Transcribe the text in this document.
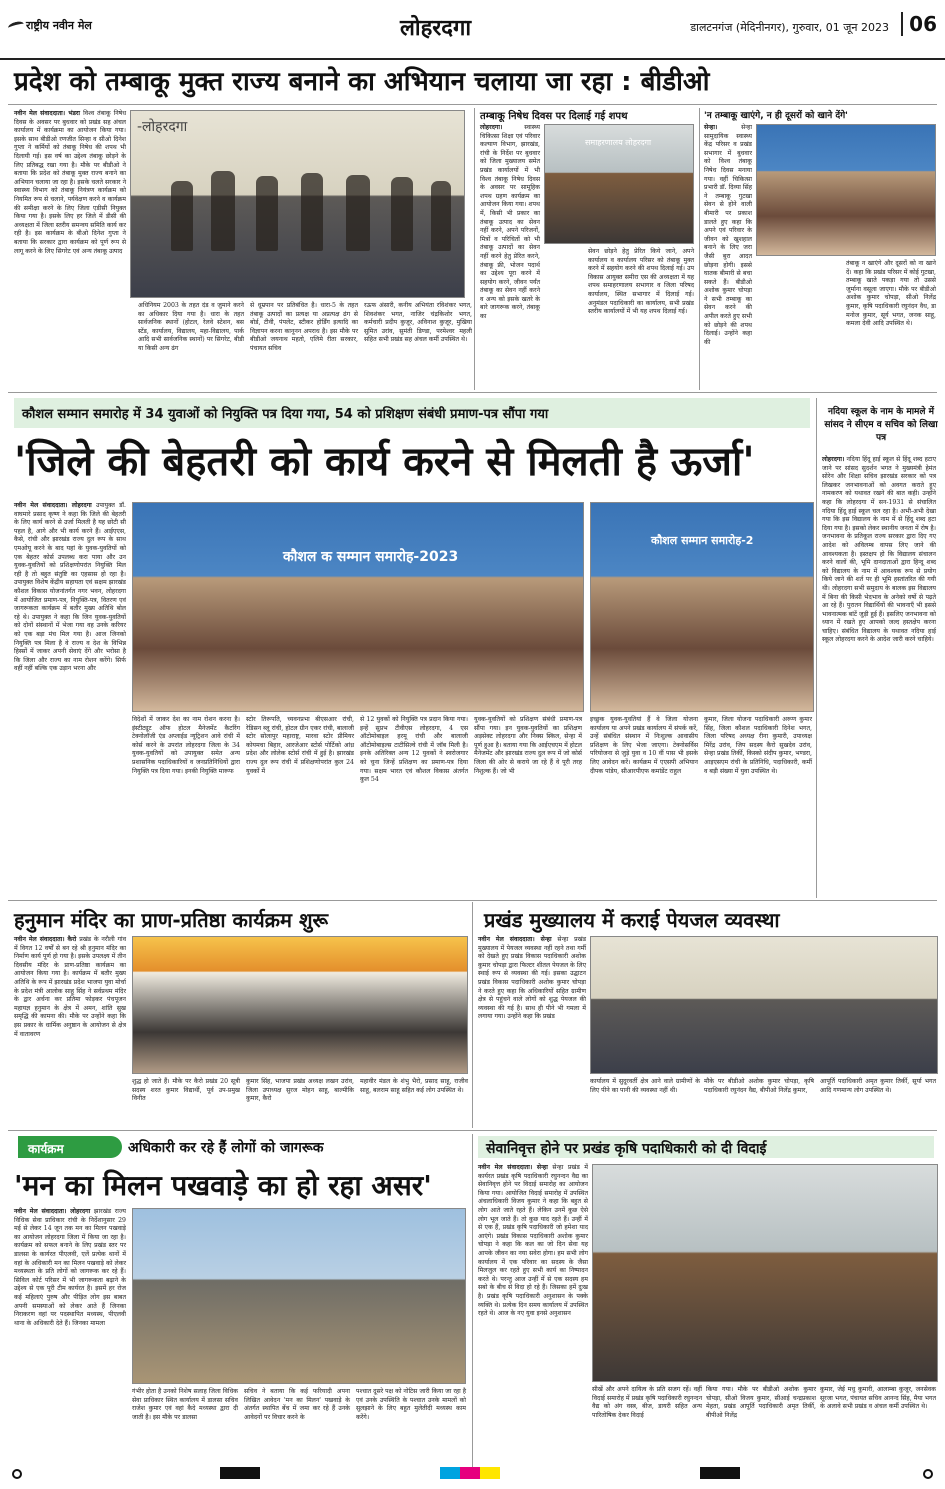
राष्ट्रीय नवीन मेल	लोहरदगा	डालटनगंज (मेदिनीनगर), गुरुवार, 01 जून 2023	06
प्रदेश को तम्बाकू मुक्त राज्य बनाने का अभियान चलाया जा रहा : बीडीओ
नवीन मेल संवाददाता। भंडरा विश्व तंबाकू निषेध दिवस के अवसर पर बुधवार को प्रखंड सह अंचल कार्यालय में कार्यक्रमा का आयोजन किया गया। इसके साथ बीडीओ रणजीत सिन्हा व सीओ दिनेश गुप्ता ने कर्मियों को तंबाकू निषेध की शपथ भी दिलायी गई। इस वर्ष का उद्देश्य तंबाकू छोड़ने के लिए प्रतिबद्ध रखा गया है। मौके पर बीडीओ ने बताया कि प्रदेश को तंबाकू मुक्त राज्य बनाने का अभियान चलाया जा रहा है। इसके चलते सरकार ने स्वास्थ्य विभाग को तंबाकू नियंत्रण कार्यक्रम को नियमित रूप से चलाने, पर्यवेक्षण करने व कार्यक्रम की समीक्षा करने के लिए जिला एडीसी नियुक्त किया गया है। इसके लिए हर जिले में डीसी की अध्यक्षता में जिला स्तरीय समन्वय समिति कार्य कर रही है। इस कार्यक्रम के बीओ दिनेश गुप्ता ने बताया कि सरकार द्वारा कार्यक्रम को पूर्ण रूप से लागू करने के लिए सिगरेट एवं अन्य तंबाकू उत्पाद
-लोहरदगा
अधिनियम 2003 के तहत दंड व जुमाने करने का अधिकार दिया गया है। धारा के तहत सार्वजनिक स्थानों (होटल, रेलवे स्टेशन, बस स्टेंड, कार्यालय, विद्यालय, महा-विद्यालय, पार्क आदि सभी सार्वजनिक स्थानों) पर सिगरेट, बीडी या किसी अन्य ढंग
से धूम्रपान पर प्रतिबंधित है। धारा-5 के तहत तंबाकू उत्पादों का प्रत्यक्ष या अप्रत्यक्ष ढंग से बोर्ड, टीवी, पंपलेट, स्टीकर होर्डिंग इत्यादि का विज्ञापन करना कानूनन अपराध है। इस मौके पर बीडीओ जयनाथ महतो, एलिमे रीता सरकार, पंचायत सचिव
रऊफ अंसारी, कनीय अभियंता रविशंकर भगत, शिवशंकर भगत, नाजिर चंद्रकिशोर भगत, कर्मचारी प्रदीप कुजूर, अविनाश कुजूर, मुखिया सुमित उरांव, सुमंती डिण्डा, परमेश्वर महली सहित सभी प्रखंड सह अंचल कर्मी उपस्थित थे।
तम्बाकू निषेध दिवस पर दिलाई गई शपथ
लोहरदगा।	स्वास्थ्य चिकित्सा शिक्षा एवं परिवार कल्याण विभाग, झारखंड, रांची के निर्देश पर बुधवार को जिला मुख्यालय समेत प्रखंड कार्यालयों में भी विश्व तंबाकू निषेध दिवस के अवसर पर सामूहिक शपथ ग्रहण कार्यक्रम का आयोजन किया गया। शपथ में, किसी भी प्रकार का तंबाकू उत्पाद का सेवन नहीं करने, अपने परिजनों, मित्रों व परिचितों को भी तंबाकू उत्पादों का सेवन नहीं करने हेतु प्रेरित करने, तंबाकू फ्री, भोजन पदार्थ का उद्देश्य पूरा करने में सहयोग करने, जीवन पर्यंत तंबाकू का सेवन नहीं करने व अन्य को इसके खतरे के बारे जागरूक करने, तंबाकू का
समाहरणालय लोहरदगा
सेवन छोड़ने हेतु प्रेरित किये जाने, अपने कार्यालय व कार्यालय परिसर को तंबाकू मुक्त करने में सहयोग करने की शपथ दिलाई गई। उप विकास आयुक्त समीरा एस की अध्यक्षता में यह शपथ समाहरणालय सभागार व जिला परिषद कार्यालय, स्थित सभागार में दिलाई गई। अनुमंडल पदाधिकारी का कार्यालय, सभी प्रखंड स्तरीय कार्यालयों में भी यह शपथ दिलाई गई।
'न तम्बाकू खाएंगे, न ही दूसरों को खाने देंगे'
सेन्हा।	सेन्हा सामुदायिक स्वास्थ्य केंद्र परिसर व प्रखंड सभागार में बुधवार को विश्व तंबाकू निषेध दिवस मनाया गया। वहीं चिकित्सा प्रभारी डॉ. दिव्या सिंह ने तम्बाकू गुटखा सेवन से होने वाली बीमारी पर प्रकाश डालते हुए कहा कि अपने एवं परिवार के जीवन को खुशहाल बनाने के लिए जरा जैसी बुरा आदत छोड़ना होगी। इससे घातक बीमारी से बचा सकते हैं। बीडीओ अशोक कुमार चोपड़ा ने सभी तम्बाकू का सेवन करने की अपील करते हुए सभी को छोड़ने की शपथ दिलाई। उन्होंने कहा की
तंबाकू न खाएंगे और दूसरों को ना खाने दें। कहा कि प्रखंड परिसर में कोई गुटखा, तम्बाकू खाते पकड़ा गया तो उससे जुर्माना वसूला जाएगा। मौके पर बीडीओ अशोक कुमार चोपड़ा, सीओ निलेंद्र कुमार, कृषि पदाधिकारी रघुनंदन वैध, डा मनोज कुमार, सूर्य भगत, जनक साहू, कमला देवी आदि उपस्थित थे।
कौशल सम्मान समारोह में 34 युवाओं को नियुक्ति पत्र दिया गया, 54 को प्रशिक्षण संबंधी प्रमाण-पत्र सौंपा गया
'जिले की बेहतरी को कार्य करने से मिलती है ऊर्जा'
नवीन मेल संवाददाता। लोहरदगा उपायुक्त डॉ. वाघमारे प्रसाद कृष्ण ने कहा कि जिले की बेहतरी के लिए कार्य करने से उर्जा मिलती है यह छोटी सी पहल है, आगे और भी कार्य करने हैं। आईएएस, कैसे, रांची और झारखंड राज्य दुल रूप के साथ एमओयू करने के बाद यहां के युवक-युवतियों को एक बेहतर कोर्स उपलब्ध करा पाया और उन युवक-युवतियों को प्रशिक्षणोपरांत नियुक्ति मिल रही है तो बहुत संतुष्टि का एहसास हो रहा है। उपायुक्त विशेष केंद्रीय सहायता एवं सक्षम झारखंड कौशल विकास योजनांतर्गत नगर भवन, लोहरदगा में आयोजित प्रमाण-पत्र, नियुक्ति-पत्र, वितरण एवं जागरूकता कार्यक्रम में बतौर मुख्य अतिथि बोल रहे थे। उपायुक्त ने कहा कि जिन युवक-युवतियों को दोनों संस्थानों में भेजा गया वह उनके करियर को एक बड़ा मंच मिल गया है। आज जिनको नियुक्ति पत्र मिला है वे राज्य व देश के विभिन्न हिस्सों में जाकर अपनी सेवाएं देंगे और भरोसा है कि जिला और राज्य का नाम रोशन करेंगे। सिर्फ वहीं नहीं बल्कि एक उड़ान भरना और
कौशल क सम्मान समारोह-2023
कौशल सम्मान समारोह-2
विदेशों में जाकर देश का नाम रोशन करना है। इंस्टीट्यूट ऑफ होटल मैनेजमेंट कैटरिंग टेक्नोलॉजी एंड अप्लाईड न्यूट्रिशन आवे रांची में कोर्स करने के उपरांत लोहरदगा जिला के 34 युवक-युवतियों को उपायुक्त समेत अन्य प्रशासनिक पदाधिकारियों व जनप्रतिनिधियों द्वारा नियुक्ति पत्र दिया गया। इनकी नियुक्ति मारूफ
स्टोर तिरूपति, च्यवनप्रभा बीएसआर रांची, रेडिसन ब्लू रांची, होटल ग्रीन एकर रांची, बालाजी स्टोर सोलापुर महाराष्ट्र, मारवा स्टोर प्रीमियर कोयमचा बिहार, आरजेआर स्टोर्स पोर्टिको आंध्र प्रदेश और लोलेक स्टोर्स रांची में हुई है। झारखंड राज्य दुल रूप रांची में प्रशिक्षणोपरांत कुल 24 युवकों में
से 12 युवकों को नियुक्ति पत्र प्रदान किया गया। इन्हें सुप्रभ टीवीएस लोहरदगा, 4 एस ऑटोमोबाइल हरमू रांची और बालाजी ऑटोमोबाइल्स टाटीसिल्वे रांची में जॉब मिली है। इनके अतिरिक्त अन्य 12 युवकों ने स्वरोजगार को चुना जिन्हें प्रशिक्षण का प्रमाण-पत्र दिया गया। सक्षम भारत एवं कौशल विकास अंतर्गत कुल 54
युवक-युवतियों को प्रशिक्षण संबंधी प्रमाण-पत्र सौंपा गया। इन युवक-युवतियों का प्रशिक्षण अड़सेक्ट लोहरदगा और निक्स स्किल, सेन्हा में पूर्ण हुआ है। बताया गया कि आईएचएम में होटल मैनेजमेंट और झारखंड राज्य दुल रूप में जो कोर्स जिला की ओर से कराये जा रहे हैं वे पूरी तरह निशुल्क हैं। जो भी
इच्छुक युवक-युवतियां हैं वे जिला योजना कार्यालय या अपने प्रखंड कार्यालय में संपर्क करें, उन्हें संबंधित संस्थान में निःशुल्क आवासीय प्रशिक्षण के लिए भेजा जाएगा। टेक्नोसर्विस परियोजना से जुड़े युवा व 10 वीं पास भी इसके लिए आवेदन करें। कार्यक्रम में एएसपी अभियान दीपक पांडेय, सीआरपीएफ कमांडेंट राहुल
कुमार, जिला योजना पदाधिकारी अरूण कुमार सिंह, जिला कौशल पदाधिकारी दिनेश भगत, जिला परिषद अध्यक्ष रीना कुमारी, उपाध्यक्ष मिरेंद्र उरांव, जिप सदस्य कैरो सुखदेव उरांव, सेन्हा प्रखंड तिर्की, किस्को संदीप कुमार, भण्डरा, आइएसएम रांची के प्रतिनिधि, पदाधिकारी, कर्मी व बड़ी संख्या में युवा उपस्थित थे।
नदिया स्कूल के नाम के मामले में सांसद ने सीएम व सचिव को लिखा पत्र
लोहरदगा। नदिया हिंदू हाई स्कूल से हिंदू शब्द हटाए जाने पर सांसद सुदर्शन भगत ने मुख्यमंत्री हेमंत सोरेन और शिक्षा सचिव झारखंड सरकार को पत्र लिखकर जनभावनाओं को अवगत कराते हुए नामकरण को यथावत रखने की बात कही। उन्होंने कहा कि लोहरदगा में सन-1931 से संचालित नदिया हिंदू हाई स्कूल चल रहा है। अभी-अभी देखा गया कि इस विद्यालय के नाम में से हिंदू शब्द हटा दिया गया है। इसको लेकर स्थानीय जनता में रोष है। जनभावना के प्रतिकूल राज्य सरकार द्वारा दिए गए आदेश को अविलम्ब वापस लिए जाने की आवश्यकता है। इस्तक्षप हो कि विद्यालय संचालन करने वालों की, भूमि दानदाताओं द्वारा हिन्दू शब्द को विद्यालय के नाम में आवश्यक रूप से प्रयोग किये जाने की शर्त पर ही भूमि हस्तांतरित की गयी थी। लोहरदगा सभी समुदाय के बालक इस विद्यालय में बिना की किसी भेदभाव के अनेको वर्षो से पढ़ते आ रहे हैं। पुरातन विद्यार्थियों की भावनाएँ भी इससे भावनात्मक बांटें जुड़ी हुई हैं। इसलिए जनभावना को ध्यान में रखते हुए आपको जल्द हस्तक्षेप करना चाहिए। संबंधित विद्यालय के यथावत नदिया हाई स्कूल लोहरदगा करने के आदेश जारी करने चाहिये।
हनुमान मंदिर का प्राण-प्रतिष्ठा कार्यक्रम शुरू
नवीन मेल संवाददाता। कैरो प्रखंड के नरौली गांव में विगत 12 वर्षों से बन रहे श्री हनुमान मंदिर का निर्माण कार्य पूर्ण हो गया है। इसके उपलक्ष्य में तीन दिवसीय मंदिर के प्राण-प्रतिष्ठा कार्यक्रम का आयोजन किया गया है। कार्यक्रम में बतौर मुख्य अतिथि के रूप में झारखंड प्रदेश भाजपा युवा मोर्चा के प्रदेश मंत्री आलोक साहू सिंह ने सर्वप्रथम मंदिर के द्वार अर्चना कर प्रतिमा फोड़कर पंचपूजन महायज्ञ हनुमान के क्षेत्र में अमन, शांति सुख समृद्धि की कामना की। मौके पर उन्होंने कहा कि इस प्रकार के धार्मिक अनुष्ठान के आयोजन से क्षेत्र में वातावरण
शुद्ध हो जाते हैं। मौके पर कैरो प्रखंड 20 सूत्री सदस्य शरत कुमार विद्यार्थी, पूर्व उप-प्रमुख विनीत
कुमार सिंह, भाजपा प्रखंड अध्यक्ष लखन उरांव, जिला उपाध्यक्ष सुरज मोहन साहू, बाल्मीकि कुमार, कैरो
महावीर मंडल के शंभु भैरो, प्रसाद साहू, राजीव साहू, बलराम साहू सहित कई लोग उपस्थित थे।
प्रखंड मुख्यालय में कराई पेयजल व्यवस्था
नवीन मेल संवाददाता। सेन्हा सेन्हा प्रखंड मुख्यालय में पेयजल व्यवस्था नहीं रहने तथा गर्मी को देखते हुए प्रखंड विकास पदाधिकारी अशोक कुमार चोपड़ा द्वारा फिल्टर शीतल पेयजल के लिए स्थाई रूप से व्यवस्था की गई। इसका उद्घाटन प्रखंड विकास पदाधिकारी अशोक कुमार चोपड़ा ने करते हुए कहा कि अधिकारियों सहित ग्रामीण क्षेत्र से पहुंचने वाले लोगों को शुद्ध पेयजल की व्यवस्था की गई है। साथ ही पीने भी गमला में लगाया गया। उन्होंने कहा कि प्रखंड
कार्यालय में सुदूरवर्ती क्षेत्र आने वाले ग्रामीणों के लिए पीने का पानी की व्यवस्था नहीं थी।
मौके पर बीडीओ अशोक कुमार चोपड़ा, कृषि पदाधिकारी रघुनंदन वैद्य, बीपीओ निलेंद्र कुमार,
आपूर्ति पदाधिकारी अमृत कुमार तिर्की, सूर्या भगत आदि गणमान्य लोग उपस्थित थे।
कार्यक्रम	अधिकारी कर रहे हैं लोगों को जागरूक
'मन का मिलन पखवाड़े का हो रहा असर'
नवीन मेल संवाददाता। लोहरदगा झारखंड राज्य विधिक सेवा प्राधिकार रांची के निर्देशानुसार 29 मई से लेकर 14 जून तक मन का मिलन पखवाड़े का आयोजन लोहरदगा जिला में किया जा रहा है। कार्यक्रम को सफल बनाने के लिए प्रखंड स्तर पर डालसा के कार्यरत पीएलवी, एलें प्रत्येक थानों में वहां के अधिकारी मन का मिलन पखवाड़े को लेकर मध्यस्थता के प्रति लोगों को जागरूक कर रहे हैं। सिविल कोर्ट परिसर में भी जागरूकता बढ़ाने के उद्देश्य से एक पूरी टीम कार्यरत है। इसमें हर रोज कई महिलाएं पुरुष और पीड़ित लोग इस बाबत अपनी समस्याओं को लेकर आते हैं जिनका निराकरण वहां पर पदस्थापित मध्यस्थ, पीएलवी थाना के अधिकारी देते हैं। जिनका मामला
गंभीर होता है उनको निशेष सलाह जिला विधिक सेवा प्राधिकार स्थित कार्यालय में डालसा सचिव राजेश कुमार एवं वहां कैदे मध्यस्था द्वारा दी जाती है। इस मौके पर डालसा
सचिव ने बताया कि कई फरियादी अपना लिखित आवेदन 'मन का मिलन' पखवाड़े के अंतर्गत स्थापित बेंच में जमा कर रहे हैं उनके आवेदनों पर विचार करने के
पश्चात दूसरे पक्ष को नोटिस जारी किया जा रहा है एवं उनके उपस्थिति के पश्चात उनके मामलों को सुलझाने के लिए बहुत मुलेतीदी मध्यस्थ काम करेंगे।
सेवानिवृत्त होने पर प्रखंड कृषि पदाधिकारी को दी विदाई
नवीन मेल संवाददाता। सेन्हा सेन्हा प्रखंड में कार्यरत प्रखंड कृषि पदाधिकारी रघुनन्दन वैद्य का सेवानिवृत्त होने पर विदाई समारोह का आयोजन किया गया। आयोजित विदाई समारोह में उपस्थित अंचलाधिकारी विजय कुमार ने कहा कि बहुत से लोग आते जाते रहते हैं। लेकिन उनमें कुछ ऐसे लोग भूल जाते हैं। तो कुछ याद रहते हैं। उन्हीं में से एक हैं, प्रखंड कृषि पदाधिकारी जो हमेशा याद आएंगे। प्रखंड विकास पदाधिकारी अशोक कुमार चोपड़ा ने कहा कि कल का जो दिन सेवा यह आपके जीवन का नया सवेरा होगा। हम सभी लोग कार्यालय में एक परिवार का सदस्य के जैसा मिलजुल कर रहते हुए सभी कार्य का निष्पादन करते थे। परन्तु आज उन्हीं में से एक सदस्य हम सबो के बीच से विदा हो रहे हैं। जिसका हमें दुःख है। प्रखंड कृषि पदाधिकारी अनुशासन के पक्के व्यक्ति थे। प्रत्येक दिन समय कार्यालय में उपस्थित रहते थे। आज के नए युवा इनसे अनुशासन
सीखें और अपने दायित्व के प्रति सजग रहें। वहीं विदाई समारोह में प्रखंड कृषि पदाधिकारी रघुनन्दन वैद्य को अंग वस्त्र, बीज, डायरी सहित अन्य पारितोषिक देकर विदाई
किया गया। मौके पर बीडीओ अशोक कुमार चोपड़ा, सीओ विजय कुमार, सीआई चन्द्रप्रकाश मेहता, प्रखंड आपूर्ति पदाधिकारी अमृत तिर्की, बीपीओ निलेंद्र
कुमार, जेई मधु कुमारी, आलाम्बा कुजूर, जनसेवक सूरजा भगत, पंचायत सचिव आनन्द सिंह, मैया भगत के अलावे सभी प्रखंड व अंचल कर्मी उपस्थित थे।
